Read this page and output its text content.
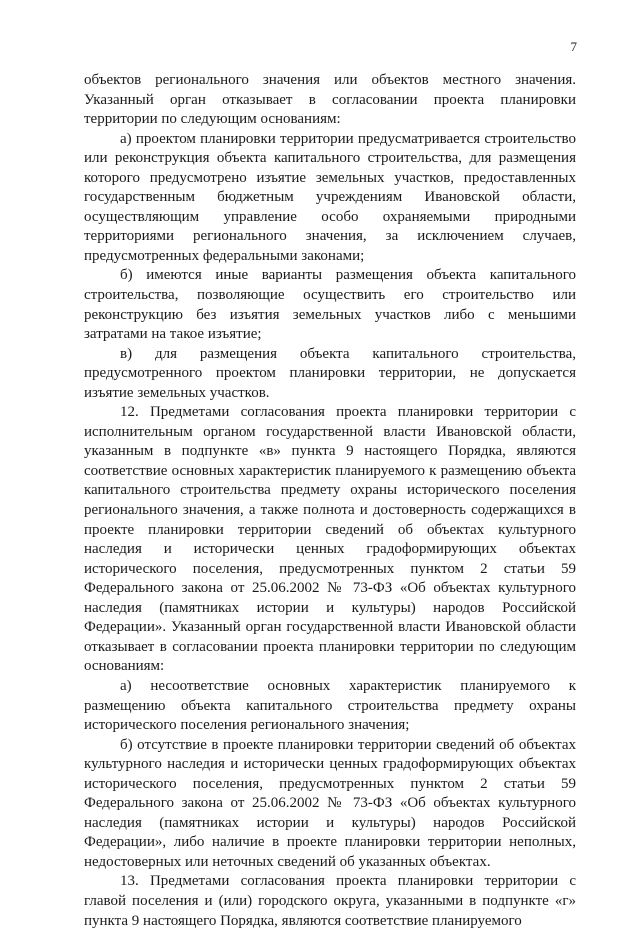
7

объектов регионального значения или объектов местного значения. Указанный орган отказывает в согласовании проекта планировки территории по следующим основаниям:

а) проектом планировки территории предусматривается строительство или реконструкция объекта капитального строительства, для размещения которого предусмотрено изъятие земельных участков, предоставленных государственным бюджетным учреждениям Ивановской области, осуществляющим управление особо охраняемыми природными территориями регионального значения, за исключением случаев, предусмотренных федеральными законами;

б) имеются иные варианты размещения объекта капитального строительства, позволяющие осуществить его строительство или реконструкцию без изъятия земельных участков либо с меньшими затратами на такое изъятие;

в) для размещения объекта капитального строительства, предусмотренного проектом планировки территории, не допускается изъятие земельных участков.

12. Предметами согласования проекта планировки территории с исполнительным органом государственной власти Ивановской области, указанным в подпункте «в» пункта 9 настоящего Порядка, являются соответствие основных характеристик планируемого к размещению объекта капитального строительства предмету охраны исторического поселения регионального значения, а также полнота и достоверность содержащихся в проекте планировки территории сведений об объектах культурного наследия и исторически ценных градоформирующих объектах исторического поселения, предусмотренных пунктом 2 статьи 59 Федерального закона от 25.06.2002 № 73-ФЗ «Об объектах культурного наследия (памятниках истории и культуры) народов Российской Федерации». Указанный орган государственной власти Ивановской области отказывает в согласовании проекта планировки территории по следующим основаниям:

а) несоответствие основных характеристик планируемого к размещению объекта капитального строительства предмету охраны исторического поселения регионального значения;

б) отсутствие в проекте планировки территории сведений об объектах культурного наследия и исторически ценных градоформирующих объектах исторического поселения, предусмотренных пунктом 2 статьи 59 Федерального закона от 25.06.2002 № 73-ФЗ «Об объектах культурного наследия (памятниках истории и культуры) народов Российской Федерации», либо наличие в проекте планировки территории неполных, недостоверных или неточных сведений об указанных объектах.

13. Предметами согласования проекта планировки территории с главой поселения и (или) городского округа, указанными в подпункте «г» пункта 9 настоящего Порядка, являются соответствие планируемого
